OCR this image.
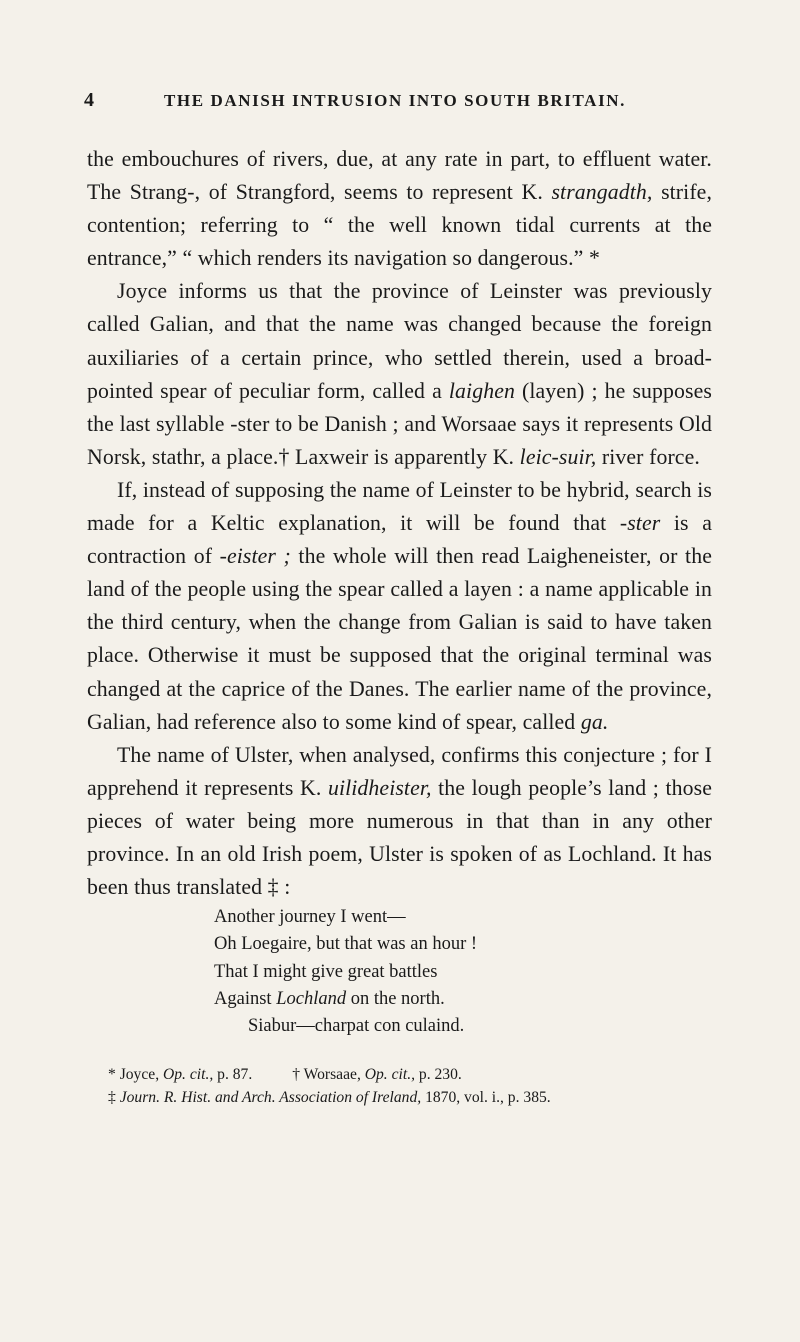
4	THE DANISH INTRUSION INTO SOUTH BRITAIN.

the embouchures of rivers, due, at any rate in part, to effluent water. The Strang-, of Strangford, seems to represent K. strangadth, strife, contention; referring to “ the well known tidal currents at the entrance,” “ which renders its navigation so dangerous.” *

Joyce informs us that the province of Leinster was previously called Galian, and that the name was changed because the foreign auxiliaries of a certain prince, who settled therein, used a broad-pointed spear of peculiar form, called a laighen (layen) ; he supposes the last syllable -ster to be Danish ; and Worsaae says it represents Old Norsk, stathr, a place.† Laxweir is apparently K. leic-suir, river force.

If, instead of supposing the name of Leinster to be hybrid, search is made for a Keltic explanation, it will be found that -ster is a contraction of -eister ; the whole will then read Laigheneister, or the land of the people using the spear called a layen : a name applicable in the third century, when the change from Galian is said to have taken place. Otherwise it must be supposed that the original terminal was changed at the caprice of the Danes. The earlier name of the province, Galian, had reference also to some kind of spear, called ga.

The name of Ulster, when analysed, confirms this conjecture ; for I apprehend it represents K. uilidheister, the lough people’s land ; those pieces of water being more numerous in that than in any other province. In an old Irish poem, Ulster is spoken of as Lochland. It has been thus translated ‡ :

Another journey I went—
Oh Loegaire, but that was an hour !
That I might give great battles
Against Lochland on the north.
Siabur—charpat con culaind.
* Joyce, Op. cit., p. 87.	† Worsaae, Op. cit., p. 230.
‡ Journ. R. Hist. and Arch. Association of Ireland, 1870, vol. i., p. 385.
